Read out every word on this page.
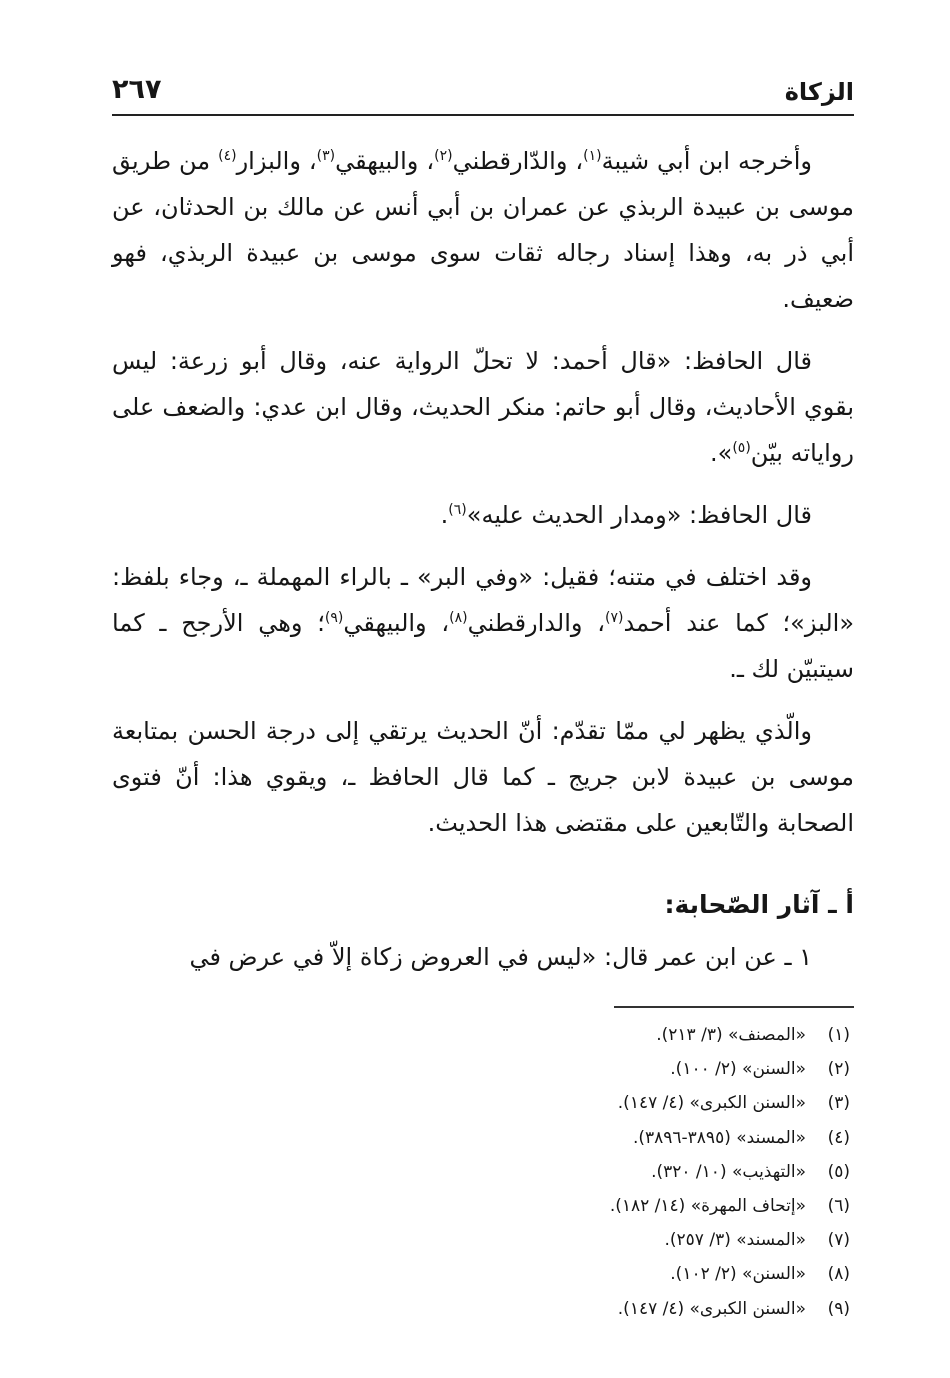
الزكاة
٢٦٧

وأخرجه ابن أبي شيبة$^{(١)}$، والدّارقطني$^{(٢)}$، والبيهقي$^{(٣)}$، والبزار$^{(٤)}$ من طريق موسى بن عبيدة الربذي عن عمران بن أبي أنس عن مالك بن الحدثان، عن أبي ذر به، وهذا إسناد رجاله ثقات سوى موسى بن عبيدة الربذي، فهو ضعيف.

قال الحافظ: «قال أحمد: لا تحلّ الرواية عنه، وقال أبو زرعة: ليس بقوي الأحاديث، وقال أبو حاتم: منكر الحديث، وقال ابن عدي: والضعف على رواياته بيّن$^{(٥)}$».

قال الحافظ: «ومدار الحديث عليه»$^{(٦)}$.

وقد اختلف في متنه؛ فقيل: «وفي البر» ـ بالراء المهملة ـ، وجاء بلفظ: «البز»؛ كما عند أحمد$^{(٧)}$، والدارقطني$^{(٨)}$، والبيهقي$^{(٩)}$؛ وهي الأرجح ـ كما سيتبيّن لك ـ.

والّذي يظهر لي ممّا تقدّم: أنّ الحديث يرتقي إلى درجة الحسن بمتابعة موسى بن عبيدة لابن جريج ـ كما قال الحافظ ـ، ويقوي هذا: أنّ فتوى الصحابة والتّابعين على مقتضى هذا الحديث.

أ ـ آثار الصّحابة:

١ ـ عن ابن عمر قال: «ليس في العروض زكاة إلاّ في عرض في

(١)«المصنف» (٣/ ٢١٣).
(٢)«السنن» (٢/ ١٠٠).
(٣)«السنن الكبرى» (٤/ ١٤٧).
(٤)«المسند» (٣٨٩٥-٣٨٩٦).
(٥)«التهذيب» (١٠/ ٣٢٠).
(٦)«إتحاف المهرة» (١٤/ ١٨٢).
(٧)«المسند» (٣/ ٢٥٧).
(٨)«السنن» (٢/ ١٠٢).
(٩)«السنن الكبرى» (٤/ ١٤٧).
